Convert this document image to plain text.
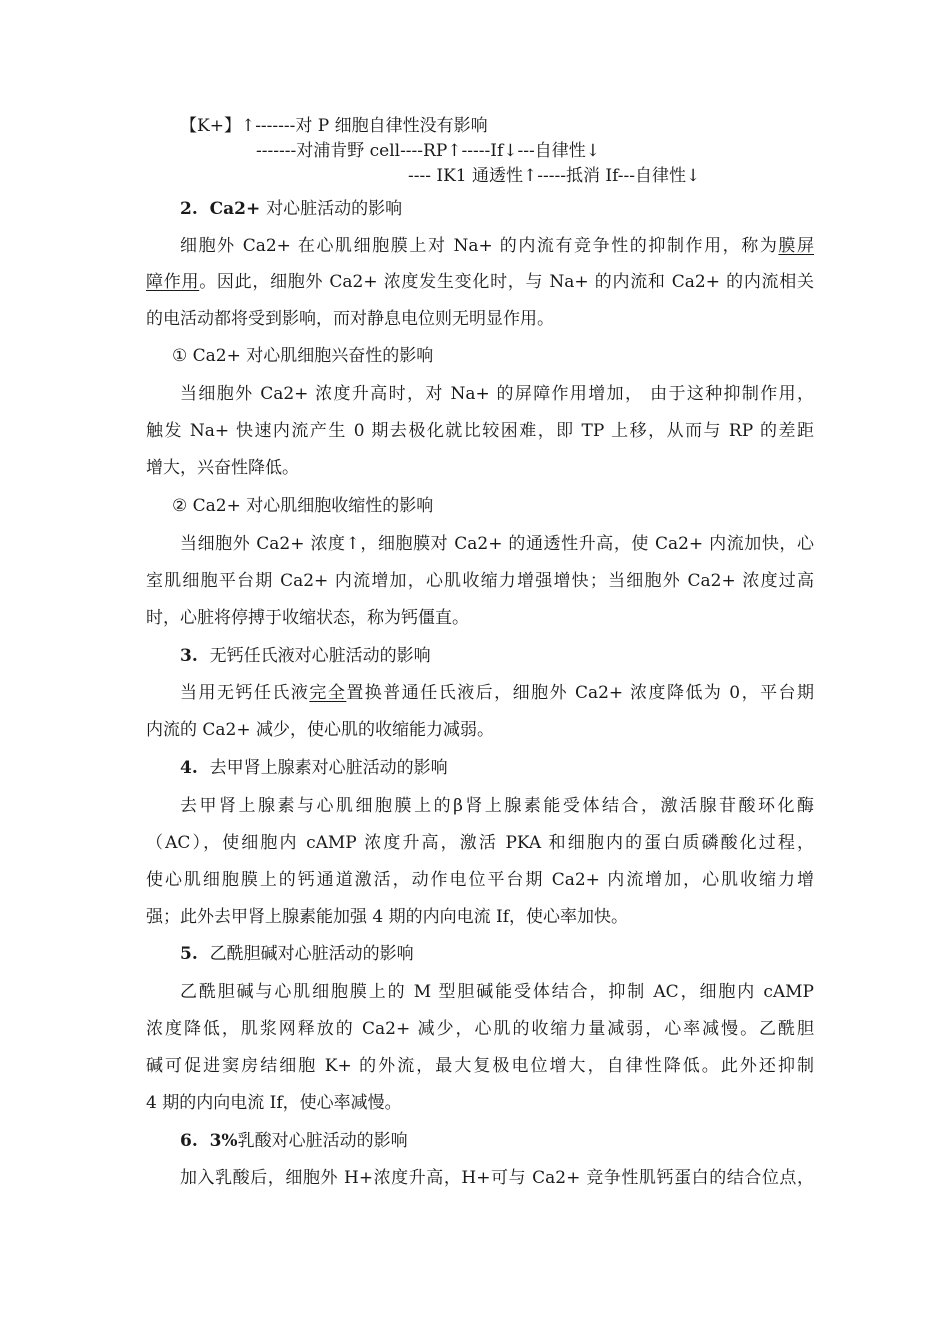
【K+】↑-------对 P 细胞自律性没有影响
-------对浦肯野 cell----RP↑-----If↓---自律性↓
---- IK1 通透性↑-----抵消 If---自律性↓
2. Ca2+ 对心脏活动的影响
细胞外 Ca2+ 在心肌细胞膜上对 Na+ 的内流有竞争性的抑制作用，称为膜屏
障作用。因此，细胞外 Ca2+ 浓度发生变化时，与 Na+ 的内流和 Ca2+ 的内流相关
的电活动都将受到影响，而对静息电位则无明显作用。
① Ca2+ 对心肌细胞兴奋性的影响
当细胞外 Ca2+ 浓度升高时，对 Na+ 的屏障作用增加， 由于这种抑制作用，
触发 Na+ 快速内流产生 0 期去极化就比较困难，即 TP 上移，从而与 RP 的差距
增大，兴奋性降低。
② Ca2+ 对心肌细胞收缩性的影响
当细胞外 Ca2+ 浓度↑，细胞膜对 Ca2+ 的通透性升高，使 Ca2+ 内流加快，心
室肌细胞平台期 Ca2+ 内流增加，心肌收缩力增强增快；当细胞外 Ca2+ 浓度过高
时，心脏将停搏于收缩状态，称为钙僵直。
3. 无钙任氏液对心脏活动的影响
当用无钙任氏液完全置换普通任氏液后，细胞外 Ca2+ 浓度降低为 0，平台期
内流的 Ca2+ 减少，使心肌的收缩能力减弱。
4. 去甲肾上腺素对心脏活动的影响
去甲肾上腺素与心肌细胞膜上的β肾上腺素能受体结合，激活腺苷酸环化酶
（AC），使细胞内 cAMP 浓度升高，激活 PKA 和细胞内的蛋白质磷酸化过程，
使心肌细胞膜上的钙通道激活，动作电位平台期 Ca2+ 内流增加，心肌收缩力增
强；此外去甲肾上腺素能加强 4 期的内向电流 If，使心率加快。
5. 乙酰胆碱对心脏活动的影响
乙酰胆碱与心肌细胞膜上的 M 型胆碱能受体结合，抑制 AC，细胞内 cAMP
浓度降低，肌浆网释放的 Ca2+ 减少，心肌的收缩力量减弱，心率减慢。乙酰胆
碱可促进窦房结细胞 K+ 的外流，最大复极电位增大，自律性降低。此外还抑制
4 期的内向电流 If，使心率减慢。
6. 3%乳酸对心脏活动的影响
加入乳酸后，细胞外 H+浓度升高，H+可与 Ca2+ 竞争性肌钙蛋白的结合位点，
